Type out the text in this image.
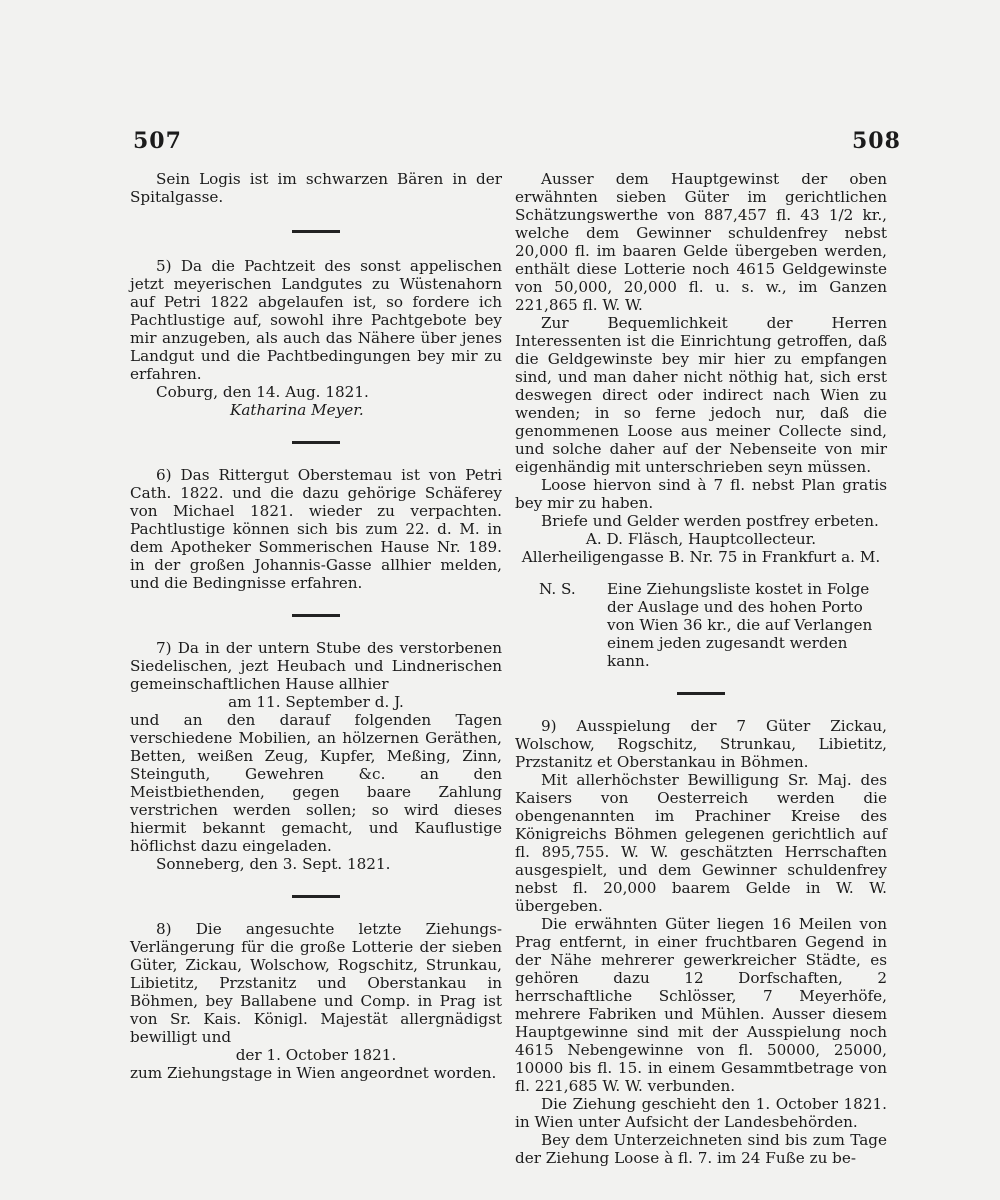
507	508

Sein Logis ist im schwarzen Bären in der Spitalgasse.

5) Da die Pachtzeit des sonst appelischen jetzt meyerischen Landgutes zu Wüstenahorn auf Petri 1822 abgelaufen ist, so fordere ich Pachtlustige auf, sowohl ihre Pachtgebote bey mir anzugeben, als auch das Nähere über jenes Landgut und die Pachtbedingungen bey mir zu erfahren.

Coburg, den 14. Aug. 1821.

Katharina Meyer.

6) Das Rittergut Oberstemau ist von Petri Cath. 1822. und die dazu gehörige Schäferey von Michael 1821. wieder zu verpachten. Pachtlustige können sich bis zum 22. d. M. in dem Apotheker Sommerischen Hause Nr. 189. in der großen Johannis-Gasse allhier melden, und die Bedingnisse erfahren.

7) Da in der untern Stube des verstorbenen Siedelischen, jezt Heubach und Lindnerischen gemeinschaftlichen Hause allhier

am 11. September d. J.

und an den darauf folgenden Tagen verschiedene Mobilien, an hölzernen Geräthen, Betten, weißen Zeug, Kupfer, Meßing, Zinn, Steinguth, Gewehren &c. an den Meistbiethenden, gegen baare Zahlung verstrichen werden sollen; so wird dieses hiermit bekannt gemacht, und Kauflustige höflichst dazu eingeladen.

Sonneberg, den 3. Sept. 1821.

8) Die angesuchte letzte Ziehungs-Verlängerung für die große Lotterie der sieben Güter, Zickau, Wolschow, Rogschitz, Strunkau, Libietitz, Przstanitz und Oberstankau in Böhmen, bey Ballabene und Comp. in Prag ist von Sr. Kais. Königl. Majestät allergnädigst bewilligt und

der 1. October 1821.

zum Ziehungstage in Wien angeordnet worden.

Ausser dem Hauptgewinst der oben erwähnten sieben Güter im gerichtlichen Schätzungswerthe von 887,457 fl. 43 1/2 kr., welche dem Gewinner schuldenfrey nebst 20,000 fl. im baaren Gelde übergeben werden, enthält diese Lotterie noch 4615 Geldgewinste von 50,000, 20,000 fl. u. s. w., im Ganzen 221,865 fl. W. W.

Zur Bequemlichkeit der Herren Interessenten ist die Einrichtung getroffen, daß die Geldgewinste bey mir hier zu empfangen sind, und man daher nicht nöthig hat, sich erst deswegen direct oder indirect nach Wien zu wenden; in so ferne jedoch nur, daß die genommenen Loose aus meiner Collecte sind, und solche daher auf der Nebenseite von mir eigenhändig mit unterschrieben seyn müssen.

Loose hiervon sind à 7 fl. nebst Plan gratis bey mir zu haben.

Briefe und Gelder werden postfrey erbeten.

A. D. Fläsch, Hauptcollecteur.

Allerheiligengasse B. Nr. 75 in Frankfurt a. M.

N. S. Eine Ziehungsliste kostet in Folge der Auslage und des hohen Porto von Wien 36 kr., die auf Verlangen einem jeden zugesandt werden kann.

9) Ausspielung der 7 Güter Zickau, Wolschow, Rogschitz, Strunkau, Libietitz, Przstanitz et Oberstankau in Böhmen.

Mit allerhöchster Bewilligung Sr. Maj. des Kaisers von Oesterreich werden die obengenannten im Prachiner Kreise des Königreichs Böhmen gelegenen gerichtlich auf fl. 895,755. W. W. geschätzten Herrschaften ausgespielt, und dem Gewinner schuldenfrey nebst fl. 20,000 baarem Gelde in W. W. übergeben.

Die erwähnten Güter liegen 16 Meilen von Prag entfernt, in einer fruchtbaren Gegend in der Nähe mehrerer gewerkreicher Städte, es gehören dazu 12 Dorfschaften, 2 herrschaftliche Schlösser, 7 Meyerhöfe, mehrere Fabriken und Mühlen. Ausser diesem Hauptgewinne sind mit der Ausspielung noch 4615 Nebengewinne von fl. 50000, 25000, 10000 bis fl. 15. in einem Gesammtbetrage von fl. 221,685 W. W. verbunden.

Die Ziehung geschieht den 1. October 1821. in Wien unter Aufsicht der Landesbehörden.

Bey dem Unterzeichneten sind bis zum Tage der Ziehung Loose à fl. 7. im 24 Fuße zu be-
